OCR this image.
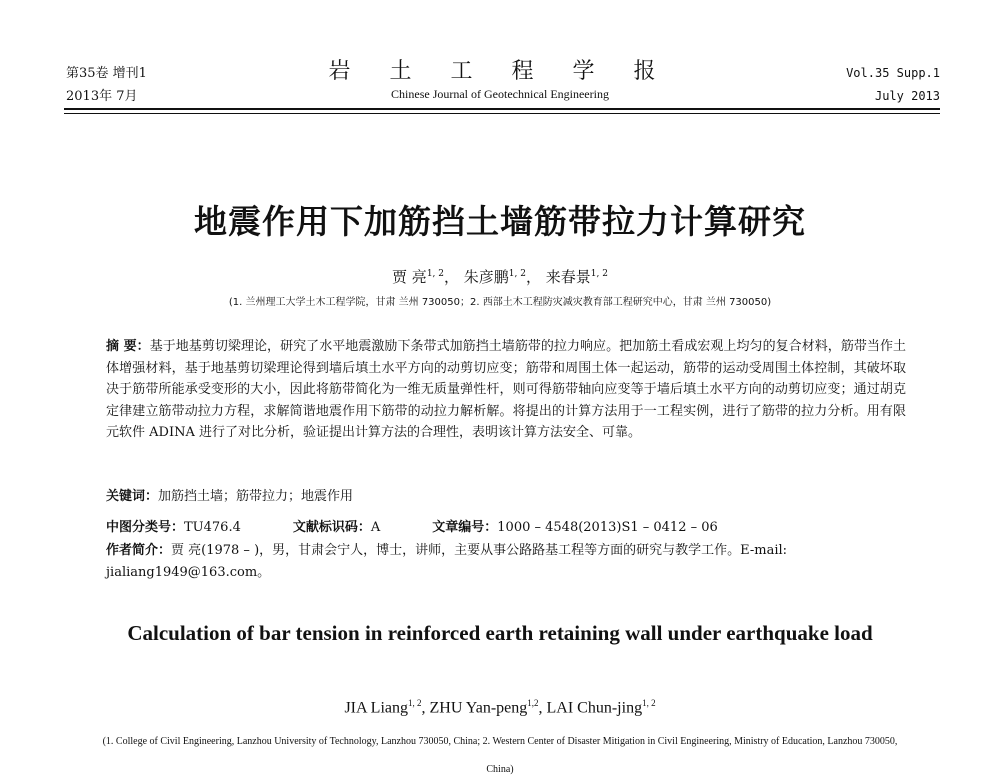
第35卷 增刊1
2013年 7月
岩 土 工 程 学 报
Chinese Journal of Geotechnical Engineering
Vol.35 Supp.1
July 2013
地震作用下加筋挡土墙筋带拉力计算研究
贾 亮$^{1, 2}$， 朱彦鹏$^{1, 2}$， 来春景$^{1, 2}$
(1. 兰州理工大学土木工程学院，甘肃 兰州 730050；2. 西部土木工程防灾减灾教育部工程研究中心，甘肃 兰州 730050)
摘 要：基于地基剪切梁理论，研究了水平地震激励下条带式加筋挡土墙筋带的拉力响应。把加筋土看成宏观上均匀的复合材料，筋带当作土体增强材料，基于地基剪切梁理论得到墙后填土水平方向的动剪切应变；筋带和周围土体一起运动，筋带的运动受周围土体控制，其破坏取决于筋带所能承受变形的大小，因此将筋带简化为一维无质量弹性杆，则可得筋带轴向应变等于墙后填土水平方向的动剪切应变；通过胡克定律建立筋带动拉力方程，求解简谐地震作用下筋带的动拉力解析解。将提出的计算方法用于一工程实例，进行了筋带的拉力分析。用有限元软件 ADINA 进行了对比分析，验证提出计算方法的合理性，表明该计算方法安全、可靠。
关键词：加筋挡土墙；筋带拉力；地震作用
中图分类号：TU476.4	文献标识码：A	文章编号：1000 – 4548(2013)S1 – 0412 – 06
作者简介：贾 亮(1978 – )，男，甘肃会宁人，博士，讲师，主要从事公路路基工程等方面的研究与教学工作。E-mail: jialiang1949@163.com。
Calculation of bar tension in reinforced earth retaining wall under earthquake load
JIA Liang$^{1, 2}$, ZHU Yan-peng$^{1,2}$, LAI Chun-jing$^{1, 2}$
(1. College of Civil Engineering, Lanzhou University of Technology, Lanzhou 730050, China; 2. Western Center of Disaster Mitigation in Civil Engineering, Ministry of Education, Lanzhou 730050, China)
